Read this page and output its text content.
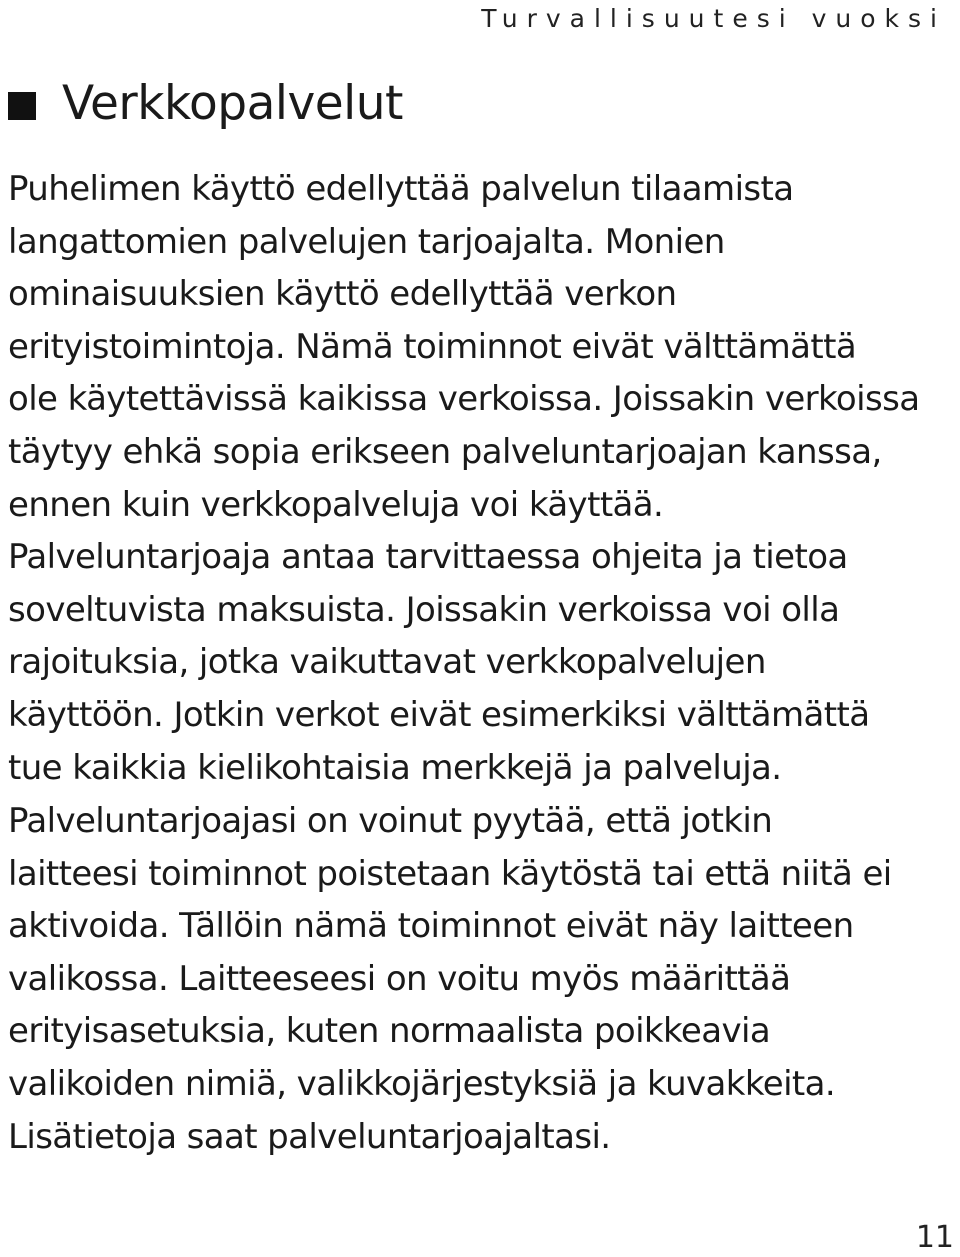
Turvallisuutesi vuoksi
Verkkopalvelut

Puhelimen käyttö edellyttää palvelun tilaamista
langattomien palvelujen tarjoajalta. Monien
ominaisuuksien käyttö edellyttää verkon
erityistoimintoja. Nämä toiminnot eivät välttämättä
ole käytettävissä kaikissa verkoissa. Joissakin verkoissa
täytyy ehkä sopia erikseen palveluntarjoajan kanssa,
ennen kuin verkkopalveluja voi käyttää.
Palveluntarjoaja antaa tarvittaessa ohjeita ja tietoa
soveltuvista maksuista. Joissakin verkoissa voi olla
rajoituksia, jotka vaikuttavat verkkopalvelujen
käyttöön. Jotkin verkot eivät esimerkiksi välttämättä
tue kaikkia kielikohtaisia merkkejä ja palveluja.

Palveluntarjoajasi on voinut pyytää, että jotkin
laitteesi toiminnot poistetaan käytöstä tai että niitä ei
aktivoida. Tällöin nämä toiminnot eivät näy laitteen
valikossa. Laitteeseesi on voitu myös määrittää
erityisasetuksia, kuten normaalista poikkeavia
valikoiden nimiä, valikkojärjestyksiä ja kuvakkeita.
Lisätietoja saat palveluntarjoajaltasi.

11
